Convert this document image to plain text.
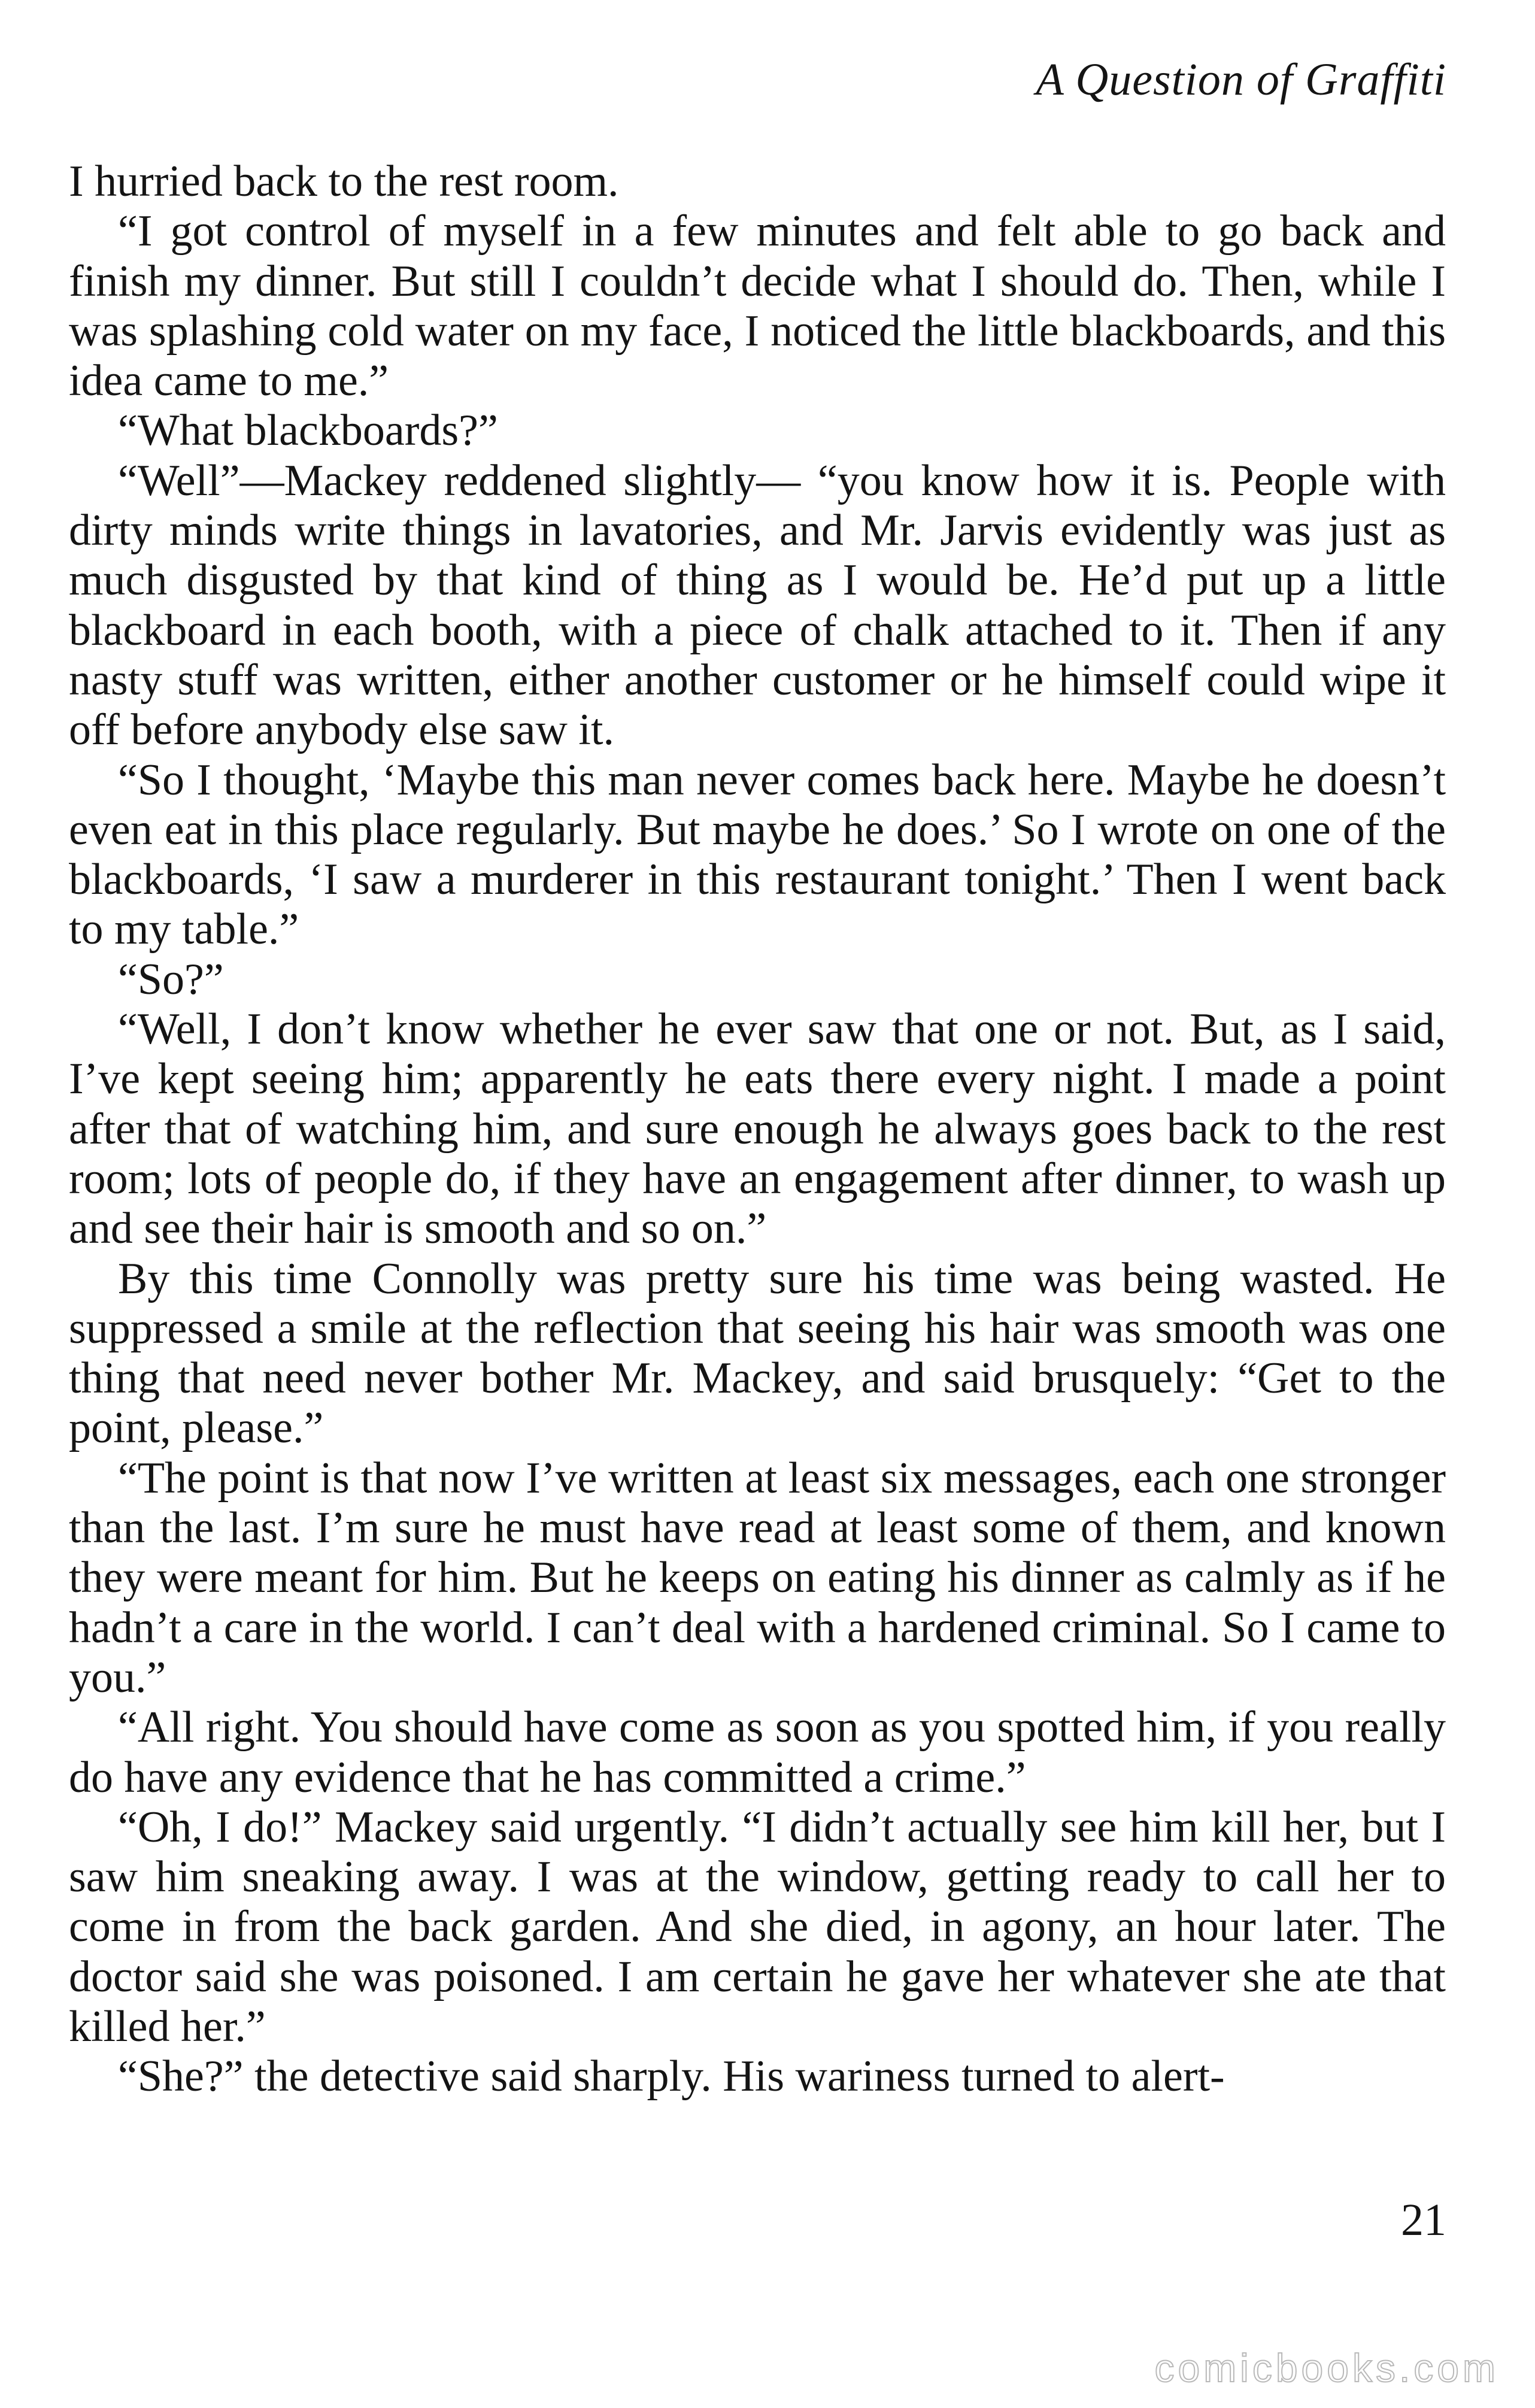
A Question of Graffiti

I hurried back to the rest room.

“I got control of myself in a few minutes and felt able to go back and finish my dinner. But still I couldn’t decide what I should do. Then, while I was splashing cold water on my face, I noticed the little blackboards, and this idea came to me.”

“What blackboards?”

“Well”—Mackey reddened slightly— “you know how it is. People with dirty minds write things in lavatories, and Mr. Jarvis evidently was just as much disgusted by that kind of thing as I would be. He’d put up a little blackboard in each booth, with a piece of chalk attached to it. Then if any nasty stuff was written, either another customer or he himself could wipe it off before anybody else saw it.

“So I thought, ‘Maybe this man never comes back here. Maybe he doesn’t even eat in this place regularly. But maybe he does.’ So I wrote on one of the blackboards, ‘I saw a murderer in this restaurant tonight.’ Then I went back to my table.”

“So?”

“Well, I don’t know whether he ever saw that one or not. But, as I said, I’ve kept seeing him; apparently he eats there every night. I made a point after that of watching him, and sure enough he always goes back to the rest room; lots of people do, if they have an engagement after dinner, to wash up and see their hair is smooth and so on.”

By this time Connolly was pretty sure his time was being wasted. He suppressed a smile at the reflection that seeing his hair was smooth was one thing that need never bother Mr. Mackey, and said brusquely: “Get to the point, please.”

“The point is that now I’ve written at least six messages, each one stronger than the last. I’m sure he must have read at least some of them, and known they were meant for him. But he keeps on eating his dinner as calmly as if he hadn’t a care in the world. I can’t deal with a hardened criminal. So I came to you.”

“All right. You should have come as soon as you spotted him, if you really do have any evidence that he has committed a crime.”

“Oh, I do!” Mackey said urgently. “I didn’t actually see him kill her, but I saw him sneaking away. I was at the window, getting ready to call her to come in from the back garden. And she died, in agony, an hour later. The doctor said she was poisoned. I am certain he gave her whatever she ate that killed her.”

“She?” the detective said sharply. His wariness turned to alert-

21
comicbooks.com
